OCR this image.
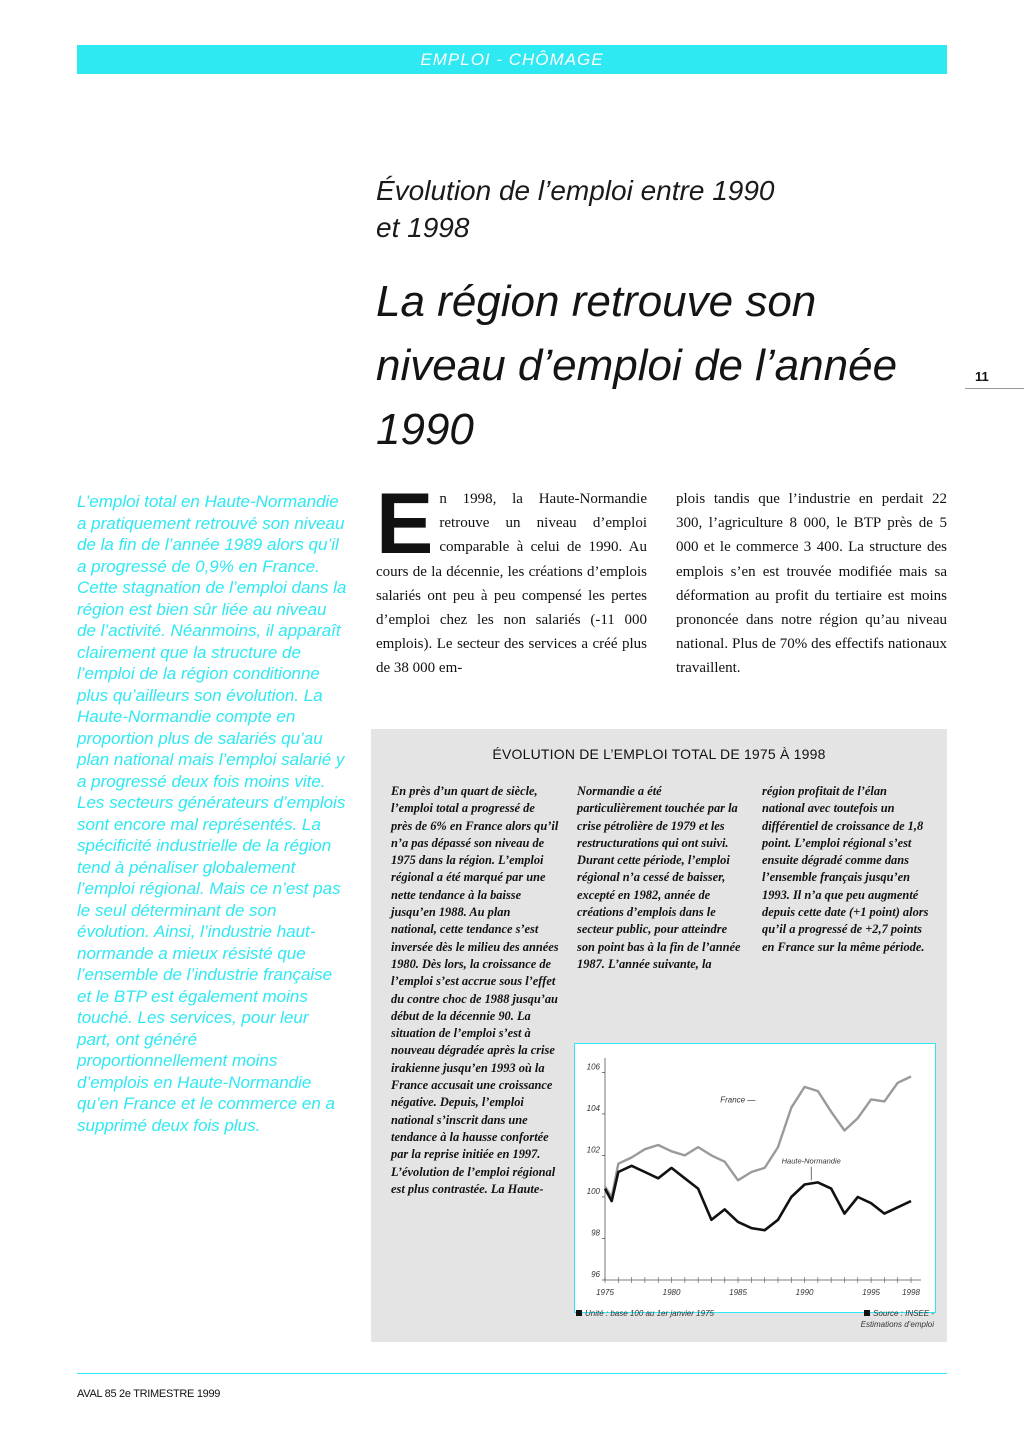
EMPLOI - CHÔMAGE
Évolution de l’emploi entre 1990 et 1998
La région retrouve son niveau d’emploi de l’année 1990
11
L’emploi total en Haute-Normandie a pratiquement retrouvé son niveau de la fin de l’année 1989 alors qu’il a progressé de 0,9% en France. Cette stagnation de l’emploi dans la région est bien sûr liée au niveau de l’activité. Néanmoins, il apparaît clairement que la structure de l’emploi de la région conditionne plus qu’ailleurs son évolution. La Haute-Normandie compte en proportion plus de salariés qu’au plan national mais l’emploi salarié y a progressé deux fois moins vite. Les secteurs générateurs d’emplois sont encore mal représentés. La spécificité industrielle de la région tend à pénaliser globalement l’emploi régional. Mais ce n’est pas le seul déterminant de son évolution. Ainsi, l’industrie haut-normande a mieux résisté que l’ensemble de l’industrie française et le BTP est également moins touché. Les services, pour leur part, ont généré proportionnellement moins d’emplois en Haute-Normandie qu’en France et le commerce en a supprimé deux fois plus.
E n 1998, la Haute-Normandie retrouve un niveau d’emploi comparable à celui de 1990. Au cours de la décennie, les créations d’emplois salariés ont peu à peu compensé les pertes d’emploi chez les non salariés (-11 000 emplois). Le secteur des services a créé plus de 38 000 em-
plois tandis que l’industrie en perdait 22 300, l’agriculture 8 000, le BTP près de 5 000 et le commerce 3 400. La structure des emplois s’en est trouvée modifiée mais sa déformation au profit du tertiaire est moins prononcée dans notre région qu’au niveau national. Plus de 70% des effectifs nationaux travaillent.
ÉVOLUTION DE L’EMPLOI TOTAL DE 1975 À 1998
En près d’un quart de siècle, l’emploi total a progressé de près de 6% en France alors qu’il n’a pas dépassé son niveau de 1975 dans la région. L’emploi régional a été marqué par une nette tendance à la baisse jusqu’en 1988. Au plan national, cette tendance s’est inversée dès le milieu des années 1980. Dès lors, la croissance de l’emploi s’est accrue sous l’effet du contre choc de 1988 jusqu’au début de la décennie 90. La situation de l’emploi s’est à nouveau dégradée après la crise irakienne jusqu’en 1993 où la France accusait une croissance négative. Depuis, l’emploi national s’inscrit dans une tendance à la hausse confortée par la reprise initiée en 1997. L’évolution de l’emploi régional est plus contrastée. La Haute-
Normandie a été particulièrement touchée par la crise pétrolière de 1979 et les restructurations qui ont suivi. Durant cette période, l’emploi régional n’a cessé de baisser, excepté en 1982, année de créations d’emplois dans le secteur public, pour atteindre son point bas à la fin de l’année 1987. L’année suivante, la
région profitait de l’élan national avec toutefois un différentiel de croissance de 1,8 point. L’emploi régional s’est ensuite dégradé comme dans l’ensemble français jusqu’en 1993. Il n’a que peu augmenté depuis cette date (+1 point) alors qu’il a progressé de +2,7 points en France sur la même période.
96
98
100
102
104
106
1975	1980	1985	1990	1995	1998
France —
Haute-Normandie
Unité : base 100 au 1er janvier 1975	Source : INSEE -
Estimations d’emploi
AVAL 85 2e TRIMESTRE 1999
